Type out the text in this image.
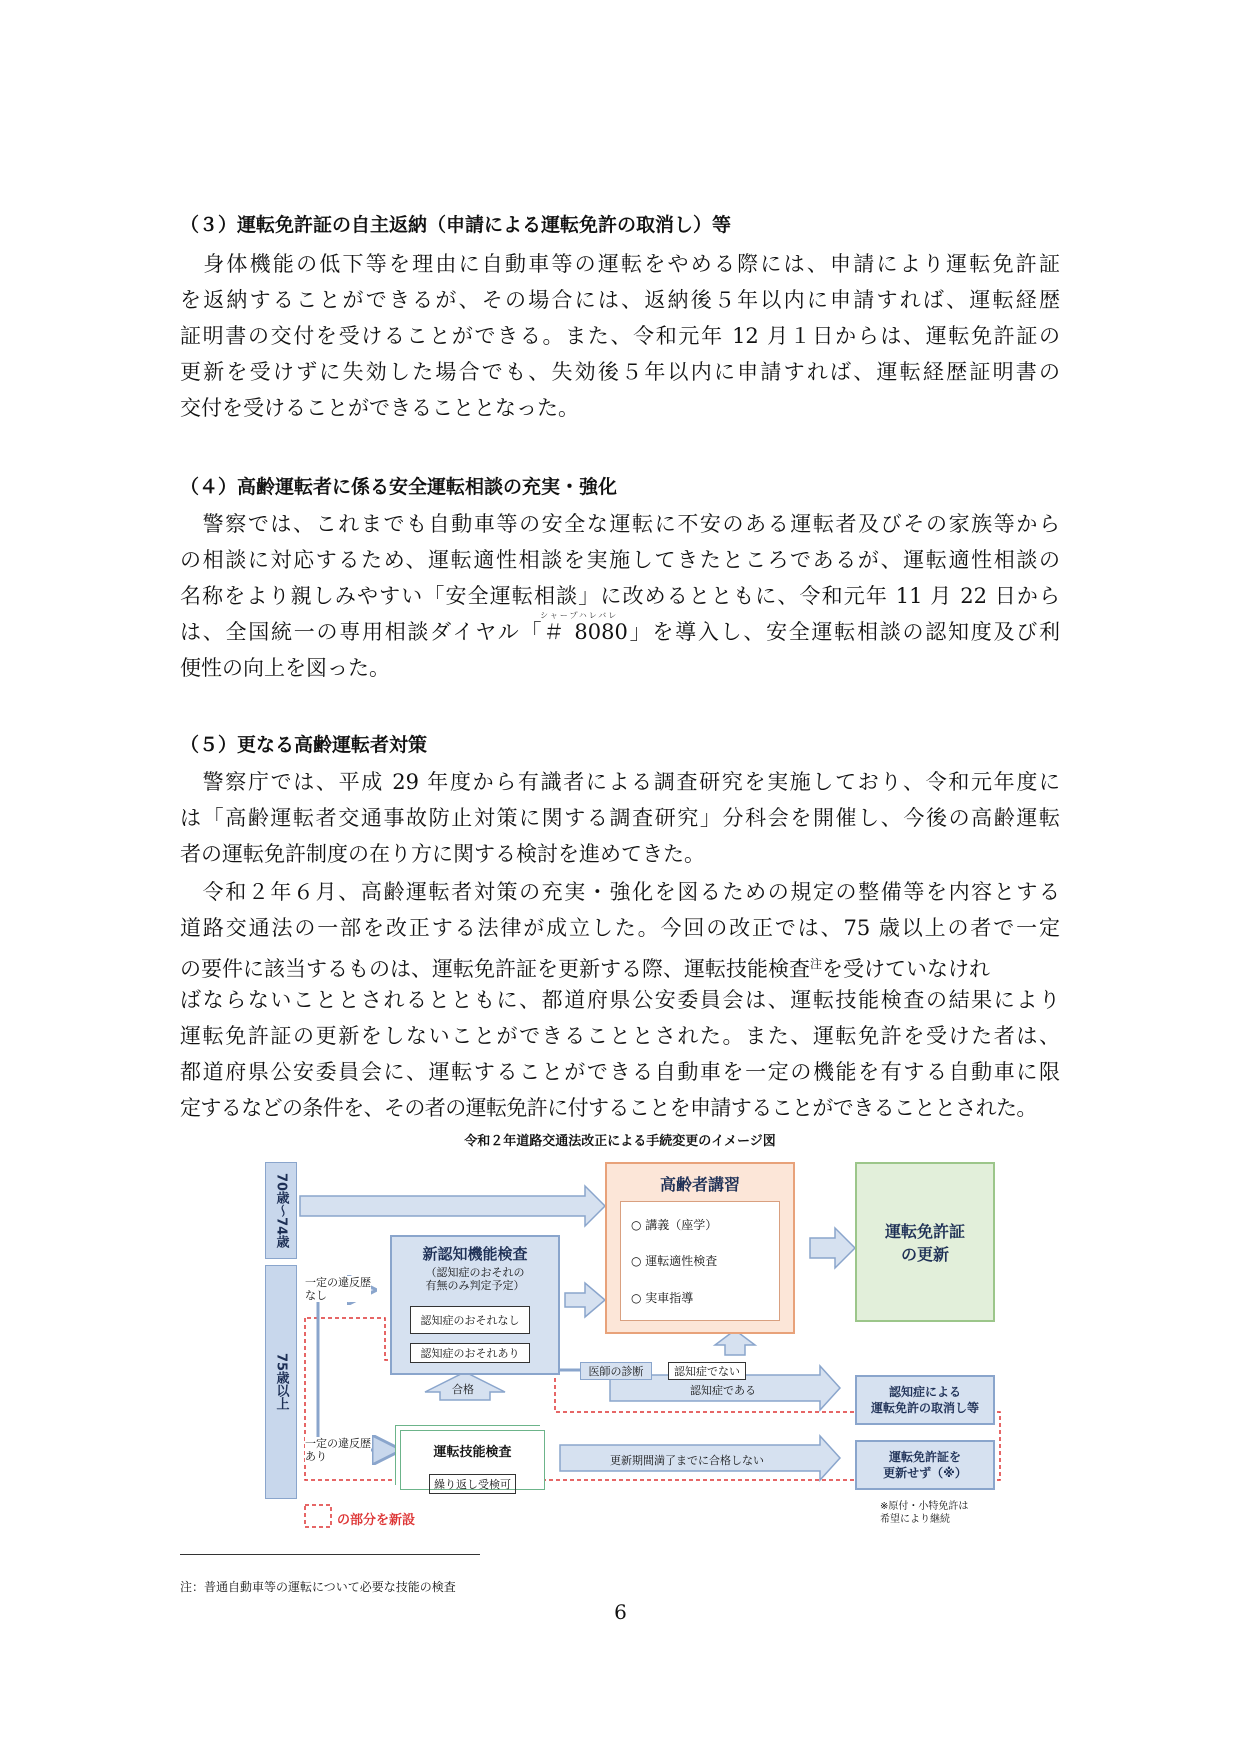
（３）運転免許証の自主返納（申請による運転免許の取消し）等
　身体機能の低下等を理由に自動車等の運転をやめる際には、申請により運転免許証
を返納することができるが、その場合には、返納後５年以内に申請すれば、運転経歴
証明書の交付を受けることができる。また、令和元年 12 月１日からは、運転免許証の
更新を受けずに失効した場合でも、失効後５年以内に申請すれば、運転経歴証明書の
交付を受けることができることとなった。
（４）高齢運転者に係る安全運転相談の充実・強化
　警察では、これまでも自動車等の安全な運転に不安のある運転者及びその家族等から
の相談に対応するため、運転適性相談を実施してきたところであるが、運転適性相談の
名称をより親しみやすい「安全運転相談」に改めるとともに、令和元年 11 月 22 日から
シャープハレバレ
は、全国統一の専用相談ダイヤル「＃ 8080」を導入し、安全運転相談の認知度及び利
便性の向上を図った。
（５）更なる高齢運転者対策
　警察庁では、平成 29 年度から有識者による調査研究を実施しており、令和元年度に
は「高齢運転者交通事故防止対策に関する調査研究」分科会を開催し、今後の高齢運転
者の運転免許制度の在り方に関する検討を進めてきた。
　令和２年６月、高齢運転者対策の充実・強化を図るための規定の整備等を内容とする
道路交通法の一部を改正する法律が成立した。今回の改正では、75 歳以上の者で一定
の要件に該当するものは、運転免許証を更新する際、運転技能検査$^注$を受けていなけれ
ばならないこととされるとともに、都道府県公安委員会は、運転技能検査の結果により
運転免許証の更新をしないことができることとされた。また、運転免許を受けた者は、
都道府県公安委員会に、運転することができる自動車を一定の機能を有する自動車に限
定するなどの条件を、その者の運転免許に付することを申請することができることとされた。
令和２年道路交通法改正による手続変更のイメージ図
70歳〜74歳
75歳以上
一定の違反歴
なし
一定の違反歴
あり
新認知機能検査
（認知症のおそれの
有無のみ判定予定）
認知症のおそれなし
認知症のおそれあり
合格
高齢者講習
○ 講義（座学）
○ 運転適性検査
○ 実車指導
運転免許証
の更新
医師の診断	認知症でない
認知症である	認知症による
運転免許の取消し等
運転技能検査
繰り返し受検可
更新期間満了までに合格しない	運転免許証を
更新せず（※）
※原付・小特免許は
希望により継続
の部分を新設
注：普通自動車等の運転について必要な技能の検査
6
